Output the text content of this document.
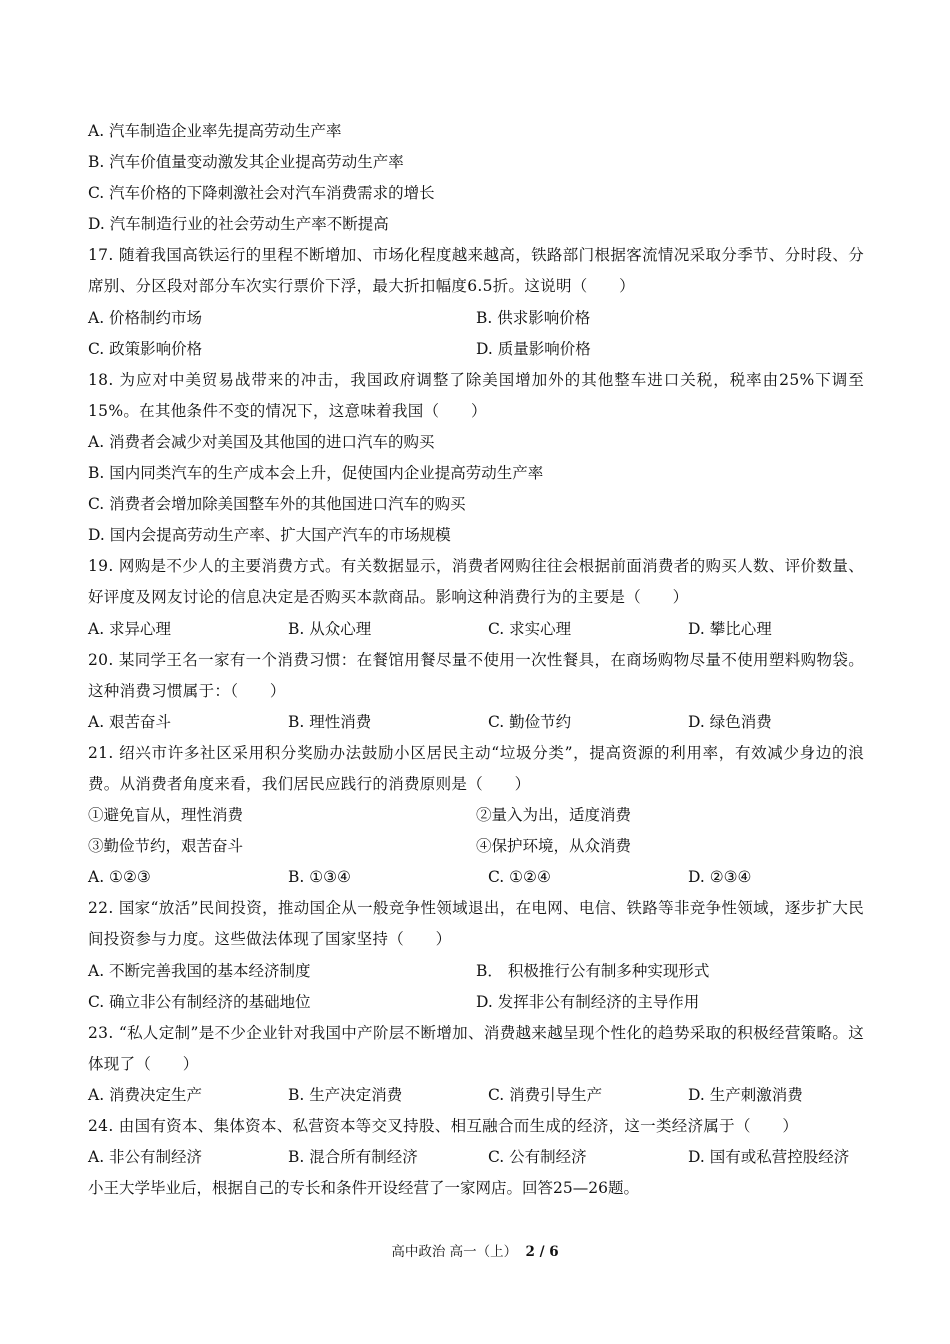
A. 汽车制造企业率先提高劳动生产率
B. 汽车价值量变动激发其企业提高劳动生产率
C. 汽车价格的下降刺激社会对汽车消费需求的增长
D. 汽车制造行业的社会劳动生产率不断提高
17. 随着我国高铁运行的里程不断增加、市场化程度越来越高，铁路部门根据客流情况采取分季节、分时段、分席别、分区段对部分车次实行票价下浮，最大折扣幅度6.5折。这说明（　　）
A. 价格制约市场	B. 供求影响价格
C. 政策影响价格	D. 质量影响价格
18. 为应对中美贸易战带来的冲击，我国政府调整了除美国增加外的其他整车进口关税，税率由25%下调至15%。在其他条件不变的情况下，这意味着我国（　　）
A. 消费者会减少对美国及其他国的进口汽车的购买
B. 国内同类汽车的生产成本会上升，促使国内企业提高劳动生产率
C. 消费者会增加除美国整车外的其他国进口汽车的购买
D. 国内会提高劳动生产率、扩大国产汽车的市场规模
19. 网购是不少人的主要消费方式。有关数据显示，消费者网购往往会根据前面消费者的购买人数、评价数量、好评度及网友讨论的信息决定是否购买本款商品。影响这种消费行为的主要是（　　）
A. 求异心理	B. 从众心理	C. 求实心理	D. 攀比心理
20. 某同学王名一家有一个消费习惯：在餐馆用餐尽量不使用一次性餐具，在商场购物尽量不使用塑料购物袋。这种消费习惯属于：（　　）
A. 艰苦奋斗	B. 理性消费	C. 勤俭节约	D. 绿色消费
21. 绍兴市许多社区采用积分奖励办法鼓励小区居民主动“垃圾分类”，提高资源的利用率，有效减少身边的浪费。从消费者角度来看，我们居民应践行的消费原则是（　　）
①避免盲从，理性消费	②量入为出，适度消费
③勤俭节约，艰苦奋斗	④保护环境，从众消费
A. ①②③	B. ①③④	C. ①②④	D. ②③④
22. 国家“放活”民间投资，推动国企从一般竞争性领域退出，在电网、电信、铁路等非竞争性领域，逐步扩大民间投资参与力度。这些做法体现了国家坚持（　　）
A. 不断完善我国的基本经济制度	B． 积极推行公有制多种实现形式
C. 确立非公有制经济的基础地位	D. 发挥非公有制经济的主导作用
23. “私人定制”是不少企业针对我国中产阶层不断增加、消费越来越呈现个性化的趋势采取的积极经营策略。这体现了（　　）
A. 消费决定生产	B. 生产决定消费	C. 消费引导生产	D. 生产刺激消费
24. 由国有资本、集体资本、私营资本等交叉持股、相互融合而生成的经济，这一类经济属于（　　）
A. 非公有制经济	B. 混合所有制经济	C. 公有制经济	D. 国有或私营控股经济
小王大学毕业后，根据自己的专长和条件开设经营了一家网店。回答25—26题。
高中政治 高一（上） 2 / 6
